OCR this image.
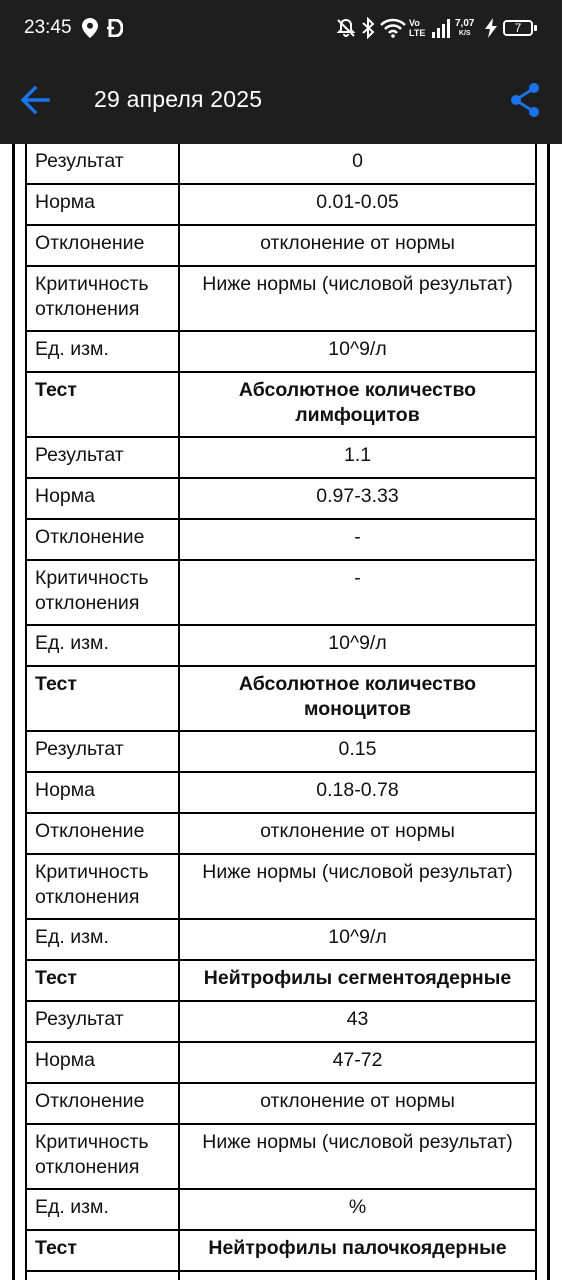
23:45	Vo
LTE
7,07
K/S	7
29 апреля 2025
Результат	0
Норма	0.01-0.05
Отклонение	отклонение от нормы
Критичность отклонения	Ниже нормы (числовой результат)
Ед. изм.	10^9/л
Тест	Абсолютное количество лимфоцитов
Результат	1.1
Норма	0.97-3.33
Отклонение	-
Критичность отклонения	-
Ед. изм.	10^9/л
Тест	Абсолютное количество моноцитов
Результат	0.15
Норма	0.18-0.78
Отклонение	отклонение от нормы
Критичность отклонения	Ниже нормы (числовой результат)
Ед. изм.	10^9/л
Тест	Нейтрофилы сегментоядерные
Результат	43
Норма	47-72
Отклонение	отклонение от нормы
Критичность отклонения	Ниже нормы (числовой результат)
Ед. изм.	%
Тест	Нейтрофилы палочкоядерные
